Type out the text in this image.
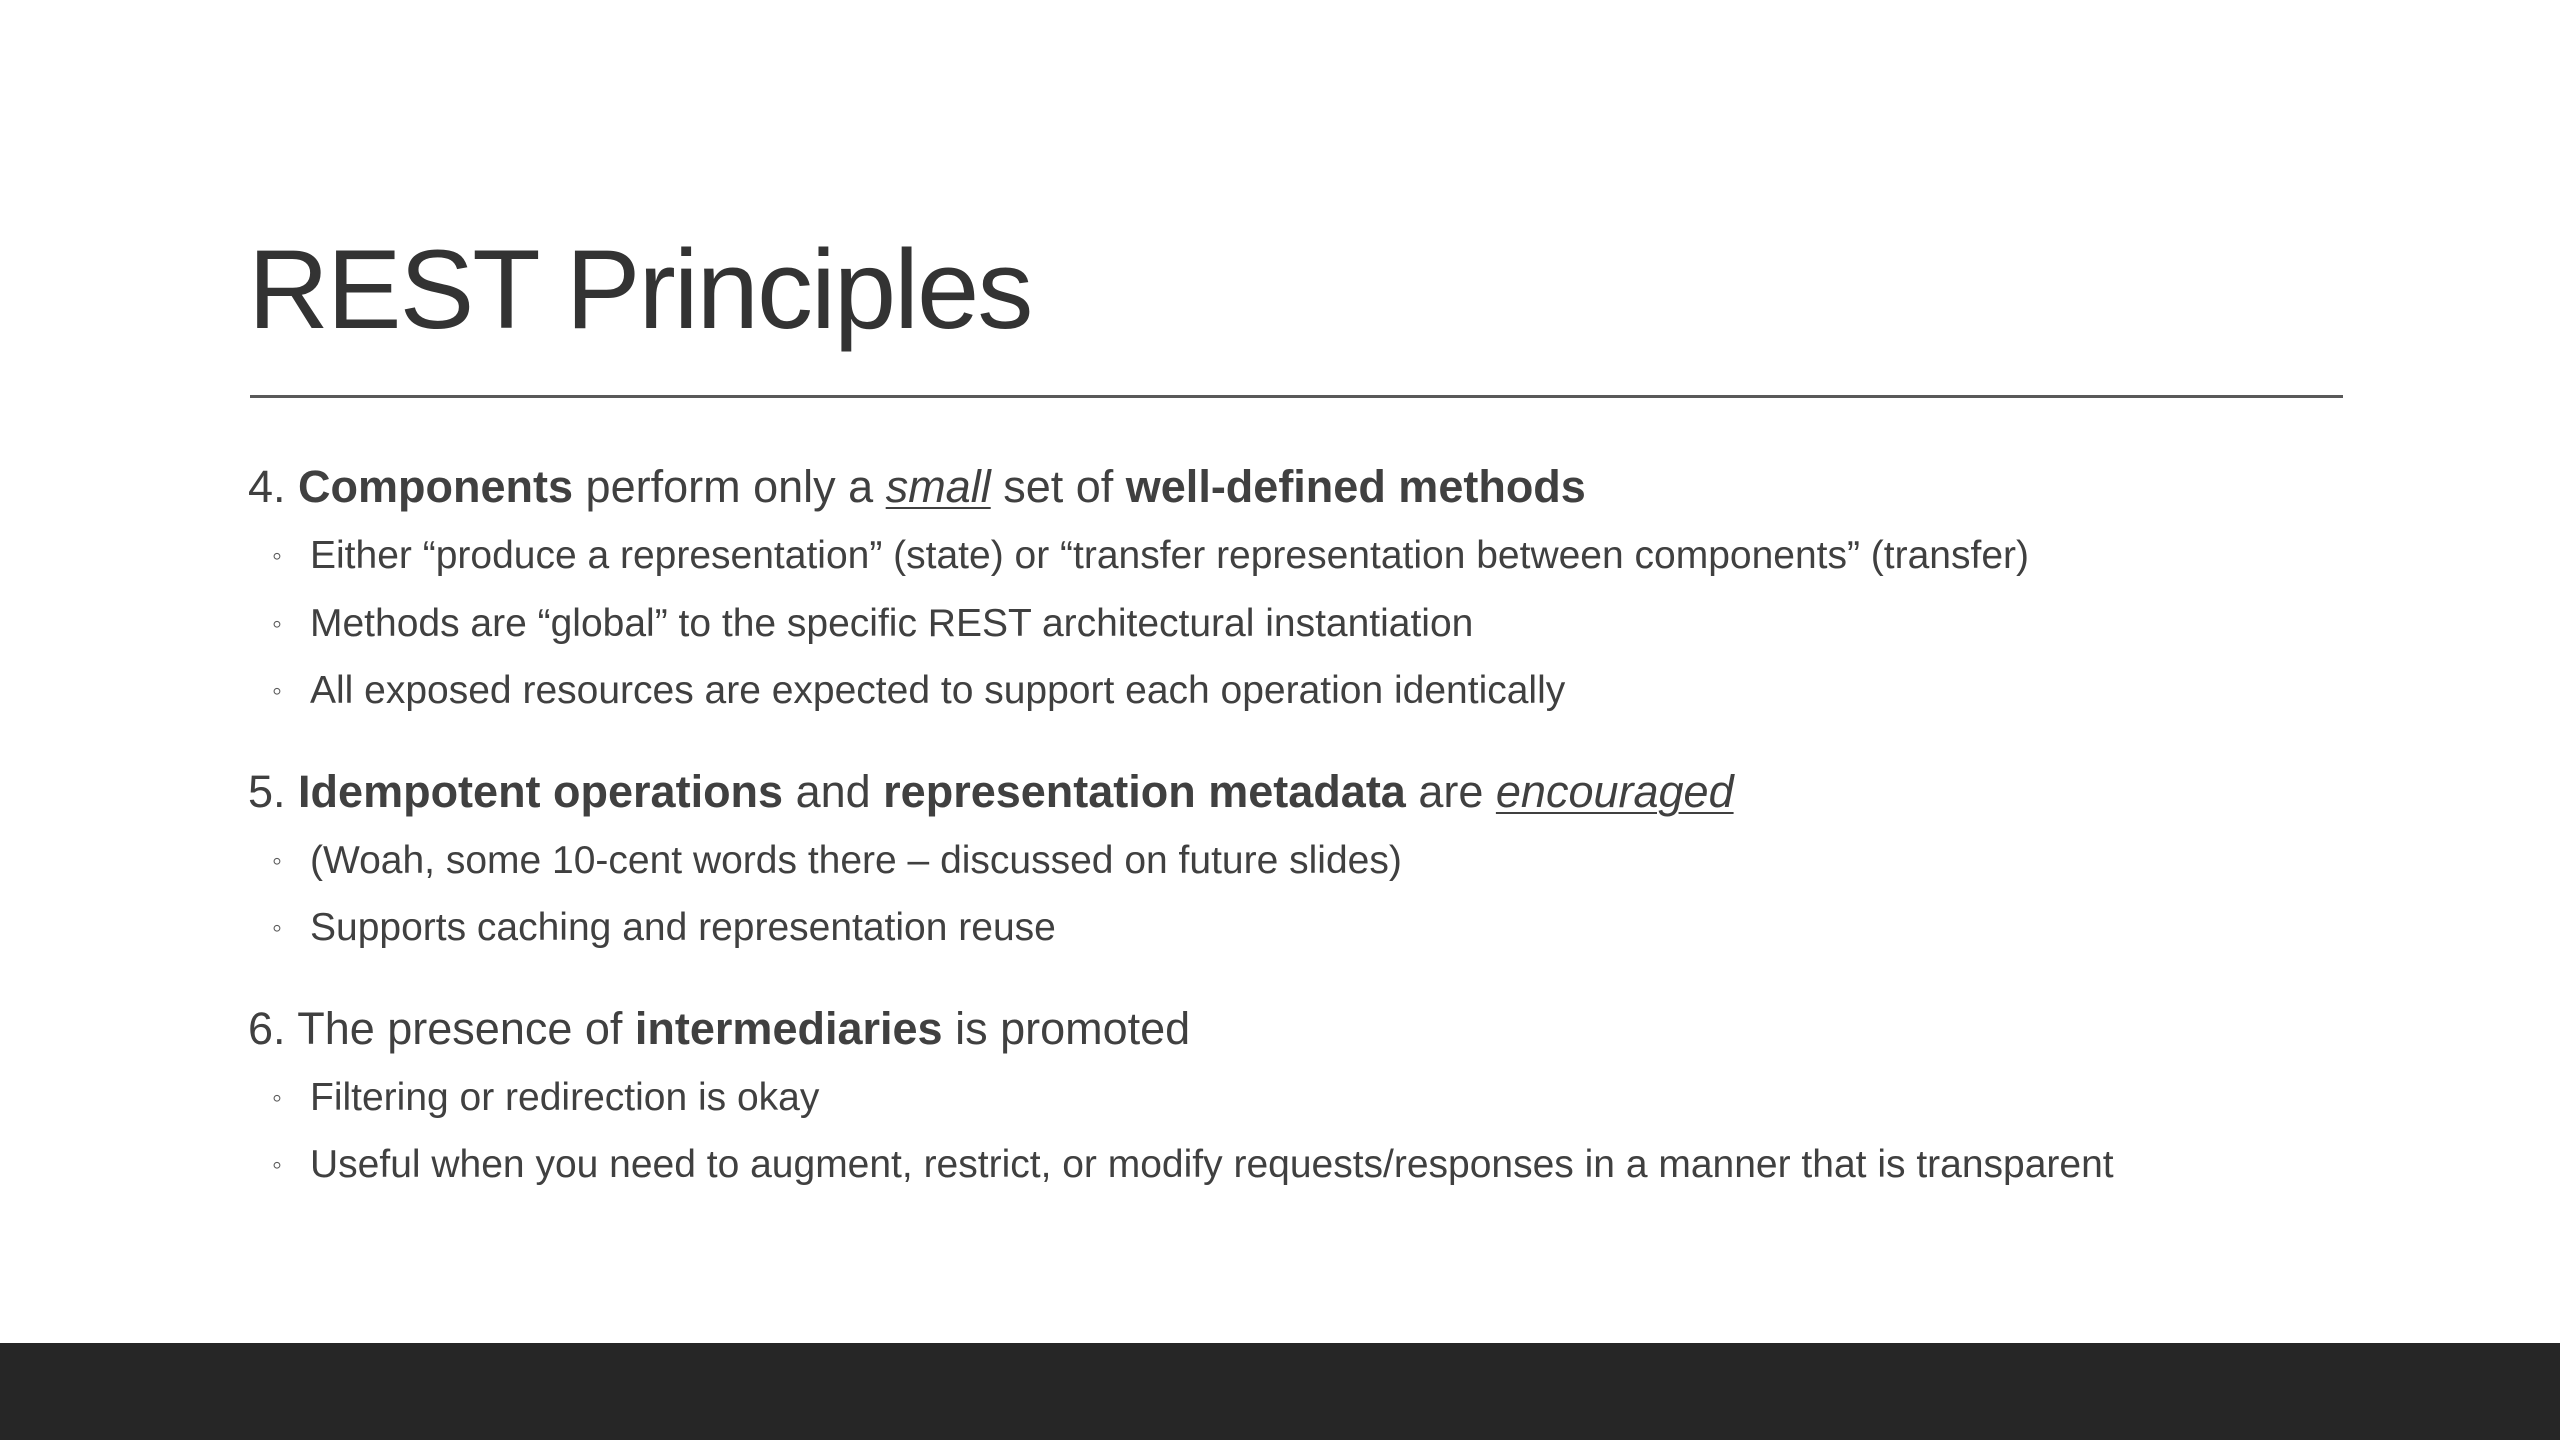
REST Principles
4. Components perform only a small set of well-defined methods
◦ Either “produce a representation” (state) or “transfer representation between components” (transfer)
◦ Methods are “global” to the specific REST architectural instantiation
◦ All exposed resources are expected to support each operation identically
5. Idempotent operations and representation metadata are encouraged
◦ (Woah, some 10-cent words there – discussed on future slides)
◦ Supports caching and representation reuse
6. The presence of intermediaries is promoted
◦ Filtering or redirection is okay
◦ Useful when you need to augment, restrict, or modify requests/responses in a manner that is transparent
